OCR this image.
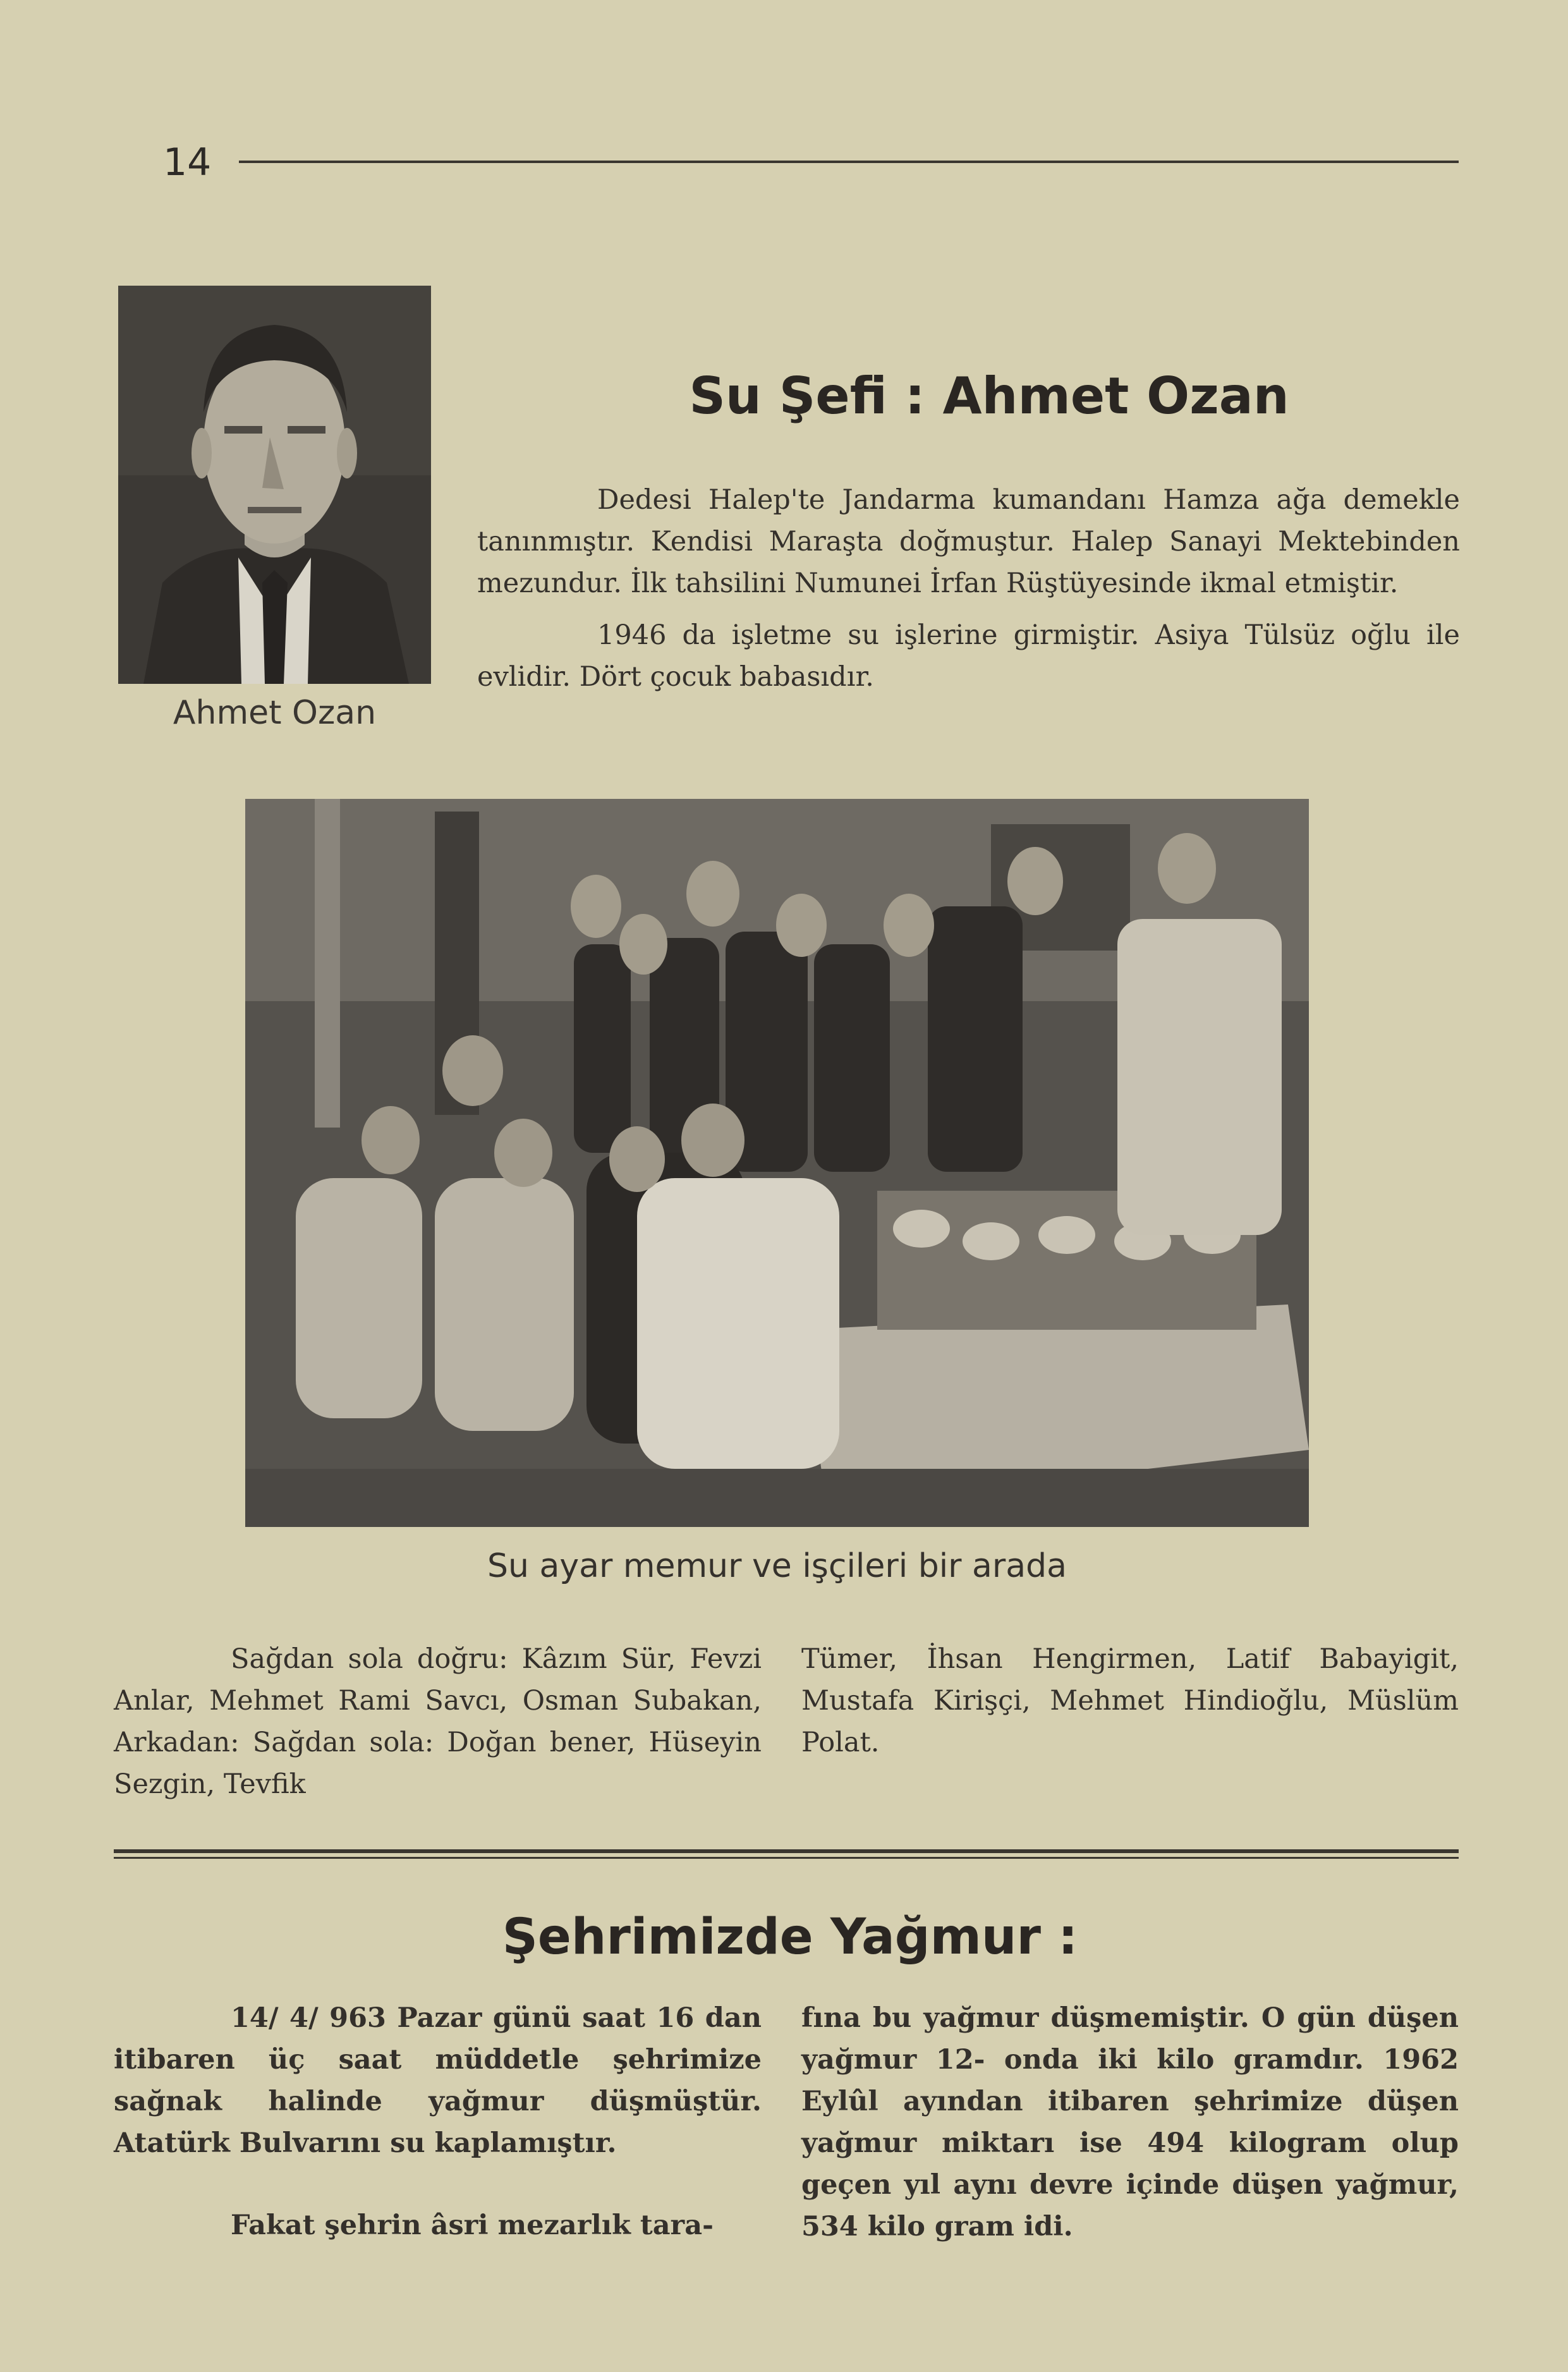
14
Ahmet Ozan
Su Şefi : Ahmet Ozan

Dedesi Halep'te Jandarma kumandanı Hamza ağa demekle tanınmıştır. Kendisi Maraşta doğmuştur. Halep Sanayi Mektebinden mezundur. İlk tahsilini Numunei İrfan Rüştüyesinde ikmal etmiştir.

1946 da işletme su işlerine girmiştir. Asiya Tülsüz oğlu ile evlidir. Dört çocuk babasıdır.

Su ayar memur ve işçileri bir arada

Sağdan sola doğru: Kâzım Sür, Fevzi Anlar, Mehmet Rami Savcı, Osman Subakan, Arkadan: Sağdan sola: Doğan bener, Hüseyin Sezgin, Tevfik

Tümer, İhsan Hengirmen, Latif Babayigit, Mustafa Kirişçi, Mehmet Hindioğlu, Müslüm Polat.

Şehrimizde Yağmur :

14/ 4/ 963 Pazar günü saat 16 dan itibaren üç saat müddetle şehrimize sağnak halinde yağmur düşmüştür. Atatürk Bulvarını su kaplamıştır.

Fakat şehrin âsri mezarlık tara-

fına bu yağmur düşmemiştir. O gün düşen yağmur 12- onda iki kilo gramdır. 1962 Eylûl ayından itibaren şehrimize düşen yağmur miktarı ise 494 kilogram olup geçen yıl aynı devre içinde düşen yağmur, 534 kilo gram idi.
